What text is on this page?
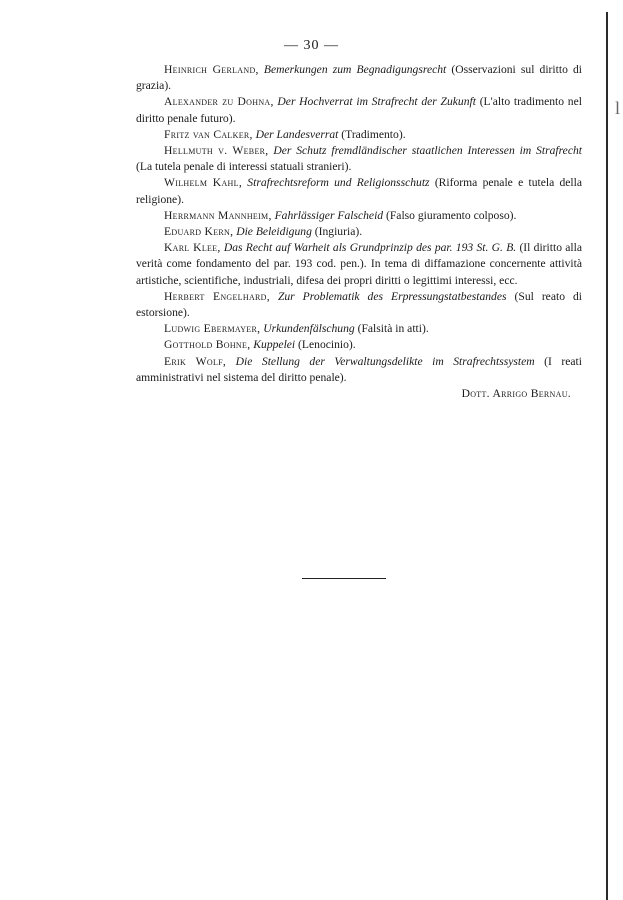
— 30 —

Heinrich Gerland, Bemerkungen zum Begnadigungsrecht (Osservazioni sul diritto di grazia).

Alexander zu Dohna, Der Hochverrat im Strafrecht der Zukunft (L'alto tradimento nel diritto penale futuro).

Fritz van Calker, Der Landesverrat (Tradimento).

Hellmuth v. Weber, Der Schutz fremdländischer staatlichen Interessen im Strafrecht (La tutela penale di interessi statuali stranieri).

Wilhelm Kahl, Strafrechtsreform und Religionsschutz (Riforma penale e tutela della religione).

Herrmann Mannheim, Fahrlässiger Falscheid (Falso giuramento colposo).

Eduard Kern, Die Beleidigung (Ingiuria).

Karl Klee, Das Recht auf Warheit als Grundprinzip des par. 193 St. G. B. (Il diritto alla verità come fondamento del par. 193 cod. pen.). In tema di diffamazione concernente attività artistiche, scientifiche, industriali, difesa dei propri diritti o legittimi interessi, ecc.

Herbert Engelhard, Zur Problematik des Erpressungstatbestandes (Sul reato di estorsione).

Ludwig Ebermayer, Urkundenfälschung (Falsità in atti).

Gotthold Bohne, Kuppelei (Lenocinio).

Erik Wolf, Die Stellung der Verwaltungsdelikte im Strafrechtssystem (I reati amministrativi nel sistema del diritto penale).

Dott. Arrigo Bernau.
l
